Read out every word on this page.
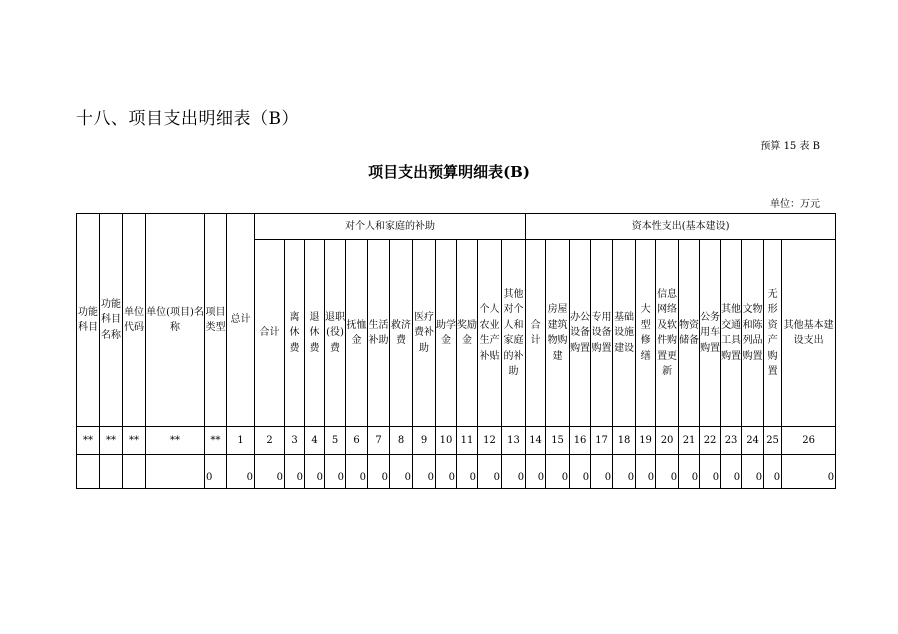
十八、项目支出明细表（B）
预算 15 表 B
项目支出预算明细表(B)
单位：万元
功能科目	功能科目名称	单位代码	单位(项目)名称	项目类型	总计	对个人和家庭的补助												资本性支出(基本建设)												
						合计	离休费	退休费	退职(役)费	抚恤金	生活补助	救济费	医疗费补助	助学金	奖励金	个人农业生产补贴	其他对个人和家庭的补助	合计	房屋建筑物购建	办公设备购置	专用设备购置	基础设施建设	大型修缮	信息网络及软件购置更新	物资储备	公务用车购置	其他交通工具购置	文物和陈列品购置	无形资产购置	其他基本建设支出
**	**	**	**	**	1	2	3	4	5	6	7	8	9	10	11	12	13	14	15	16	17	18	19	20	21	22	23	24	25	26
				0	0	0	0	0	0	0	0	0	0	0	0	0	0	0	0	0	0	0	0	0	0	0	0	0	0	0
